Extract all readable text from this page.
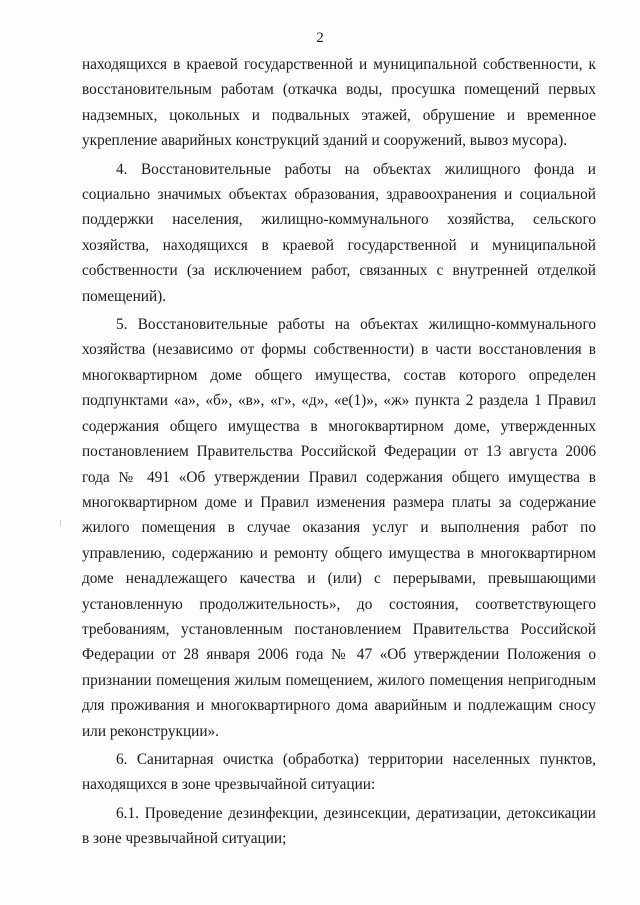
2

находящихся в краевой государственной и муниципальной собственности, к восстановительным работам (откачка воды, просушка помещений первых надземных, цокольных и подвальных этажей, обрушение и временное укрепление аварийных конструкций зданий и сооружений, вывоз мусора).

4. Восстановительные работы на объектах жилищного фонда и социально значимых объектах образования, здравоохранения и социальной поддержки населения, жилищно-коммунального хозяйства, сельского хозяйства, находящихся в краевой государственной и муниципальной собственности (за исключением работ, связанных с внутренней отделкой помещений).

5. Восстановительные работы на объектах жилищно-коммунального хозяйства (независимо от формы собственности) в части восстановления в многоквартирном доме общего имущества, состав которого определен подпунктами «а», «б», «в», «г», «д», «е(1)», «ж» пункта 2 раздела 1 Правил содержания общего имущества в многоквартирном доме, утвержденных постановлением Правительства Российской Федерации от 13 августа 2006 года № 491 «Об утверждении Правил содержания общего имущества в многоквартирном доме и Правил изменения размера платы за содержание жилого помещения в случае оказания услуг и выполнения работ по управлению, содержанию и ремонту общего имущества в многоквартирном доме ненадлежащего качества и (или) с перерывами, превышающими установленную продолжительность», до состояния, соответствующего требованиям, установленным постановлением Правительства Российской Федерации от 28 января 2006 года № 47 «Об утверждении Положения о признании помещения жилым помещением, жилого помещения непригодным для проживания и многоквартирного дома аварийным и подлежащим сносу или реконструкции».

6. Санитарная очистка (обработка) территории населенных пунктов, находящихся в зоне чрезвычайной ситуации:

6.1. Проведение дезинфекции, дезинсекции, дератизации, детоксикации в зоне чрезвычайной ситуации;
